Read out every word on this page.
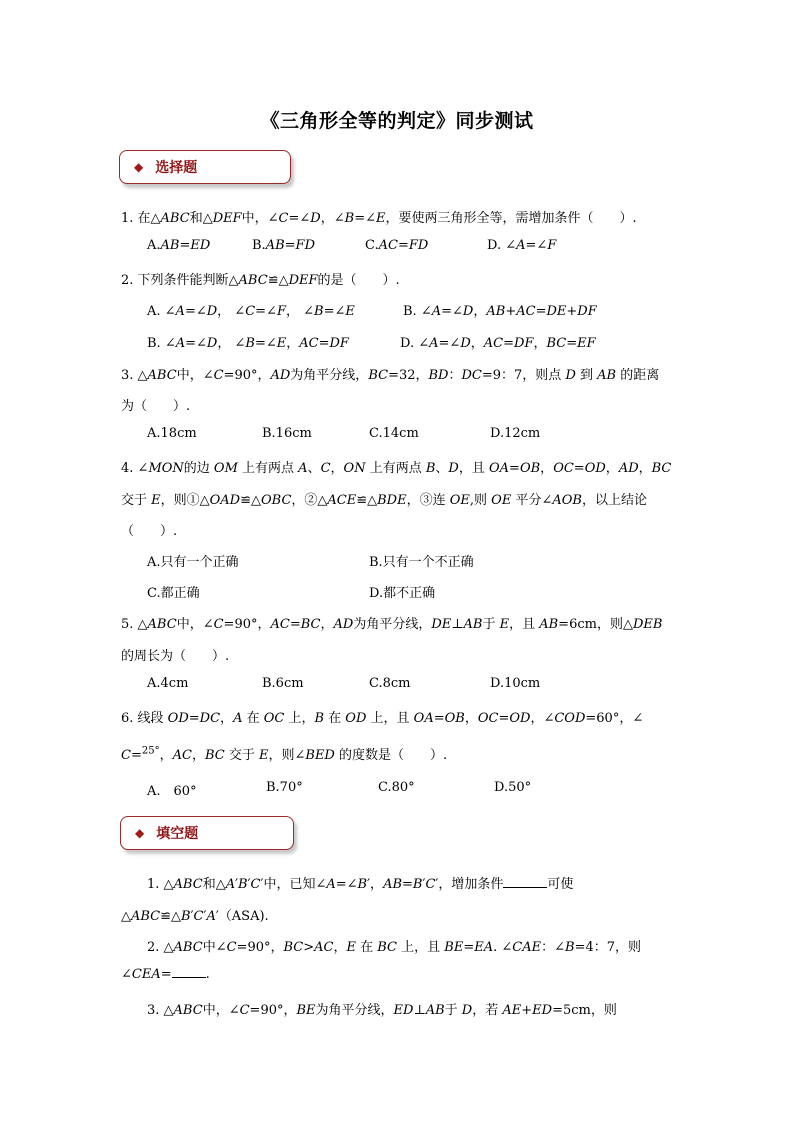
《三角形全等的判定》同步测试
◆ 选择题
1. 在△ABC和△DEF中，∠C=∠D，∠B=∠E，要使两三角形全等，需增加条件（　　）.
A.AB=ED	B.AB=FD	C.AC=FD	D. ∠A=∠F
2. 下列条件能判断△ABC≌△DEF的是（　　）.
A. ∠A=∠D， ∠C=∠F， ∠B=∠E	B. ∠A=∠D，AB+AC=DE+DF
B. ∠A=∠D， ∠B=∠E，AC=DF	D. ∠A=∠D，AC=DF，BC=EF
3. △ABC中，∠C=90°，AD为角平分线，BC=32，BD：DC=9：7，则点 D 到 AB 的距离
为（　　）.
A.18cm	B.16cm	C.14cm	D.12cm
4. ∠MON的边 OM 上有两点 A、C，ON 上有两点 B、D，且 OA=OB，OC=OD，AD，BC
交于 E，则①△OAD≌△OBC，②△ACE≌△BDE，③连 OE,则 OE 平分∠AOB，以上结论
（　　）.
A.只有一个正确	B.只有一个不正确
C.都正确	D.都不正确
5. △ABC中，∠C=90°，AC=BC，AD为角平分线，DE⊥AB于 E，且 AB=6cm，则△DEB
的周长为（　　）.
A.4cm	B.6cm	C.8cm	D.10cm
6. 线段 OD=DC，A 在 OC 上，B 在 OD 上，且 OA=OB，OC=OD，∠COD=60°，∠
C=$^{25^\circ}$，AC，BC 交于 E，则∠BED 的度数是（　　）.
A.　60°	B.70°	C.80°	D.50°
◆ 填空题
1. △ABC和△A′B′C′中，已知∠A=∠B′，AB=B′C′，增加条件	可使
△ABC≌△B′C′A′（ASA).
2. △ABC中∠C=90°，BC>AC，E 在 BC 上，且 BE=EA. ∠CAE：∠B=4：7，则
∠CEA=	.
3. △ABC中，∠C=90°，BE为角平分线，ED⊥AB于 D，若 AE+ED=5cm，则
